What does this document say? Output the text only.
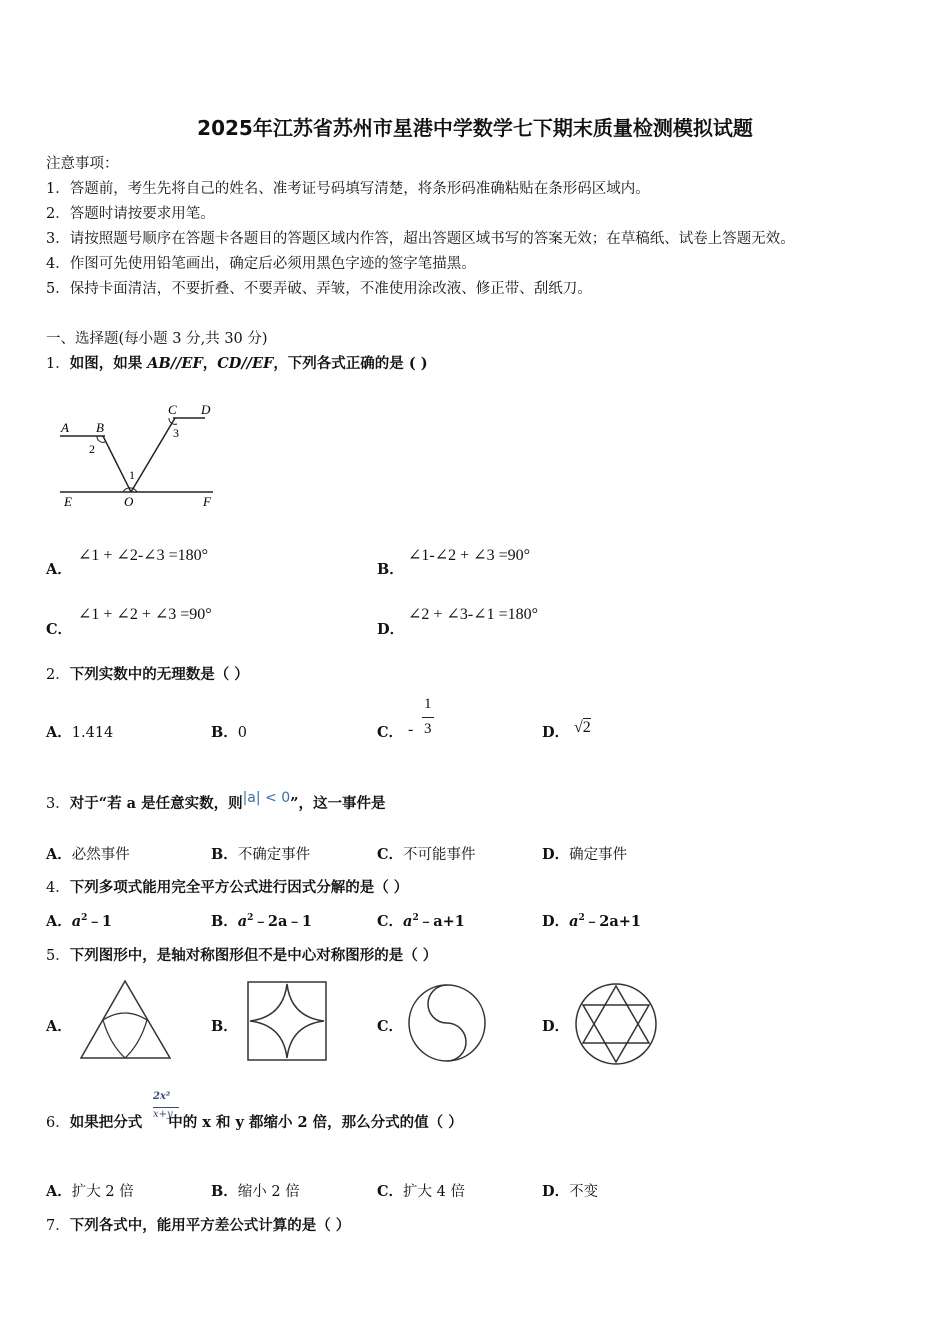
2025年江苏省苏州市星港中学数学七下期末质量检测模拟试题
注意事项：
1．答题前，考生先将自己的姓名、准考证号码填写清楚，将条形码准确粘贴在条形码区域内。
2．答题时请按要求用笔。
3．请按照题号顺序在答题卡各题目的答题区域内作答，超出答题区域书写的答案无效；在草稿纸、试卷上答题无效。
4．作图可先使用铅笔画出，确定后必须用黑色字迹的签字笔描黑。
5．保持卡面清洁，不要折叠、不要弄破、弄皱，不准使用涂改液、修正带、刮纸刀。
一、选择题(每小题 3 分,共 30 分)
1．如图，如果 AB//EF，CD//EF，下列各式正确的是 ( )
A B
C D
E	O	F
1
2
3
A．
∠1 + ∠2-∠3 =180°
B．
∠1-∠2 + ∠3 =90°
C．
∠1 + ∠2 + ∠3 =90°
D．
∠2 + ∠3-∠1 =180°
2．下列实数中的无理数是（ ）
A．1.414	B．0	C． -
1
3	D． √2
3．对于“若 a 是任意实数，则|a| < 0”，这一事件是
A．必然事件	B．不确定事件	C．不可能事件	D．确定事件
4．下列多项式能用完全平方公式进行因式分解的是（ ）
A．$a^2﹣1$	B．$a^2﹣2a﹣1$	C．$a^2﹣a+1$	D．$a^2﹣2a+1$
5．下列图形中，是轴对称图形但不是中心对称图形的是（ ）
A．	B．	C．	D．
6．如果把分式 中的 x 和 y 都缩小 2 倍，那么分式的值（ ）
2x²
x+y
A．扩大 2 倍	B．缩小 2 倍	C．扩大 4 倍	D．不变
7．下列各式中，能用平方差公式计算的是（ ）
